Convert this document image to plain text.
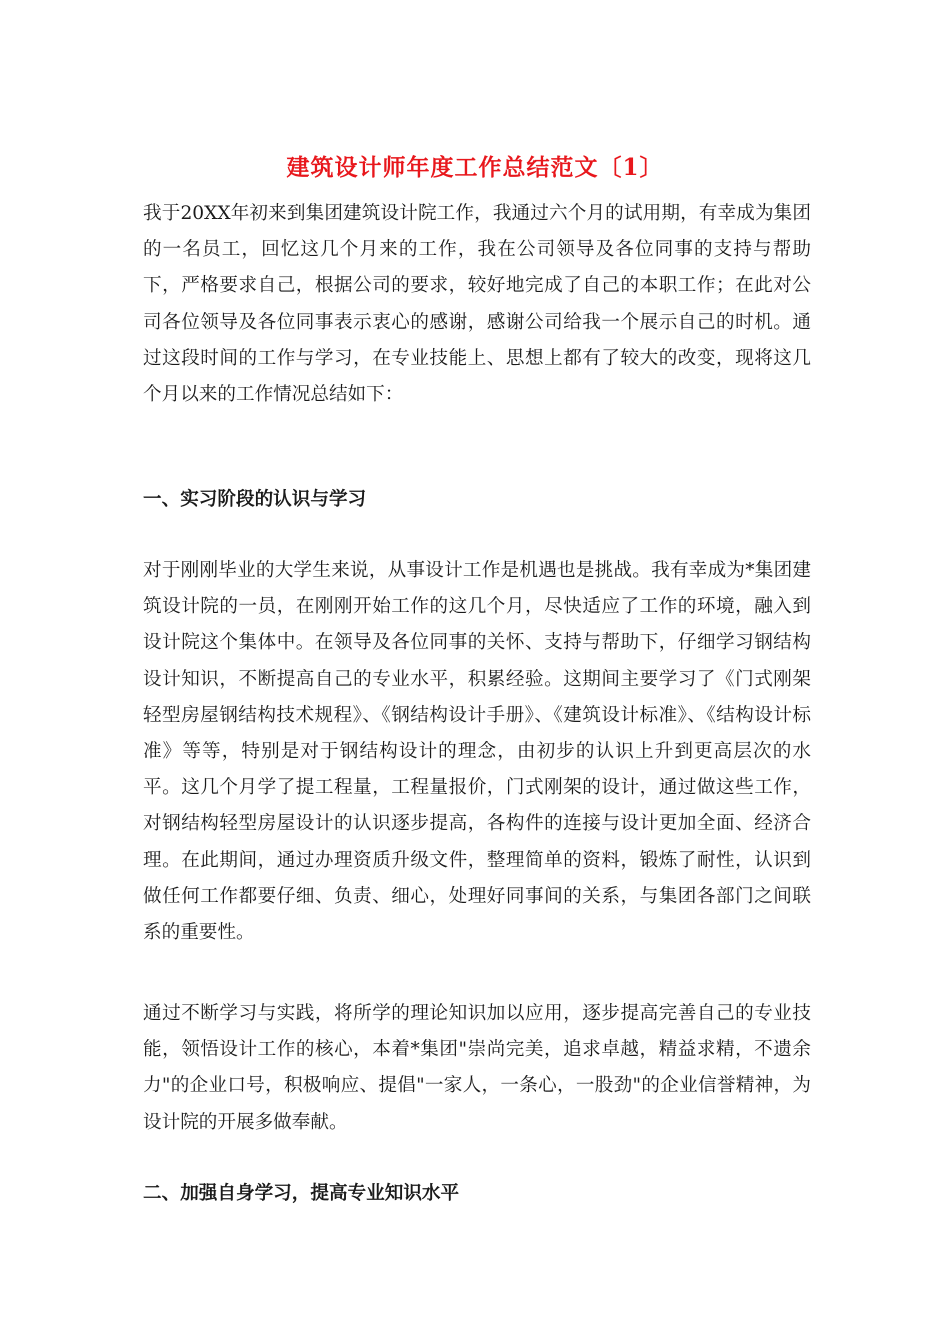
建筑设计师年度工作总结范文〔1〕

我于20XX年初来到集团建筑设计院工作，我通过六个月的试用期，有幸成为集团的一名员工，回忆这几个月来的工作，我在公司领导及各位同事的支持与帮助下，严格要求自己，根据公司的要求，较好地完成了自己的本职工作；在此对公司各位领导及各位同事表示衷心的感谢，感谢公司给我一个展示自己的时机。通过这段时间的工作与学习，在专业技能上、思想上都有了较大的改变，现将这几个月以来的工作情况总结如下：

一、实习阶段的认识与学习

对于刚刚毕业的大学生来说，从事设计工作是机遇也是挑战。我有幸成为*集团建筑设计院的一员，在刚刚开始工作的这几个月，尽快适应了工作的环境，融入到设计院这个集体中。在领导及各位同事的关怀、支持与帮助下，仔细学习钢结构设计知识，不断提高自己的专业水平，积累经验。这期间主要学习了《门式刚架轻型房屋钢结构技术规程》、《钢结构设计手册》、《建筑设计标准》、《结构设计标准》等等，特别是对于钢结构设计的理念，由初步的认识上升到更高层次的水平。这几个月学了提工程量，工程量报价，门式刚架的设计，通过做这些工作，对钢结构轻型房屋设计的认识逐步提高，各构件的连接与设计更加全面、经济合理。在此期间，通过办理资质升级文件，整理简单的资料，锻炼了耐性，认识到做任何工作都要仔细、负责、细心，处理好同事间的关系，与集团各部门之间联系的重要性。

通过不断学习与实践，将所学的理论知识加以应用，逐步提高完善自己的专业技能，领悟设计工作的核心，本着*集团"崇尚完美，追求卓越，精益求精，不遗余力"的企业口号，积极响应、提倡"一家人，一条心，一股劲"的企业信誉精神，为设计院的开展多做奉献。

二、加强自身学习，提高专业知识水平
